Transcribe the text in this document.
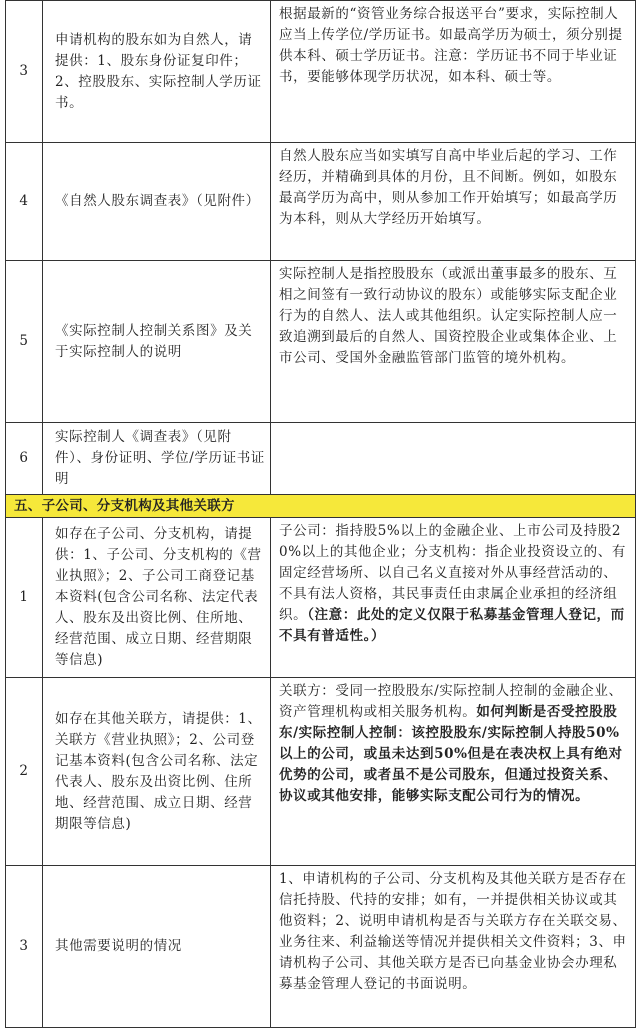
3	申请机构的股东如为自然人，请提供：1、股东身份证复印件；2、控股股东、实际控制人学历证书。	根据最新的“资管业务综合报送平台”要求，实际控制人应当上传学位/学历证书。如最高学历为硕士，须分别提供本科、硕士学历证书。注意：学历证书不同于毕业证书，要能够体现学历状况，如本科、硕士等。
4	《自然人股东调查表》（见附件）	自然人股东应当如实填写自高中毕业后起的学习、工作经历，并精确到具体的月份，且不间断。例如，如股东最高学历为高中，则从参加工作开始填写；如最高学历为本科，则从大学经历开始填写。
5	《实际控制人控制关系图》及关于实际控制人的说明	实际控制人是指控股股东（或派出董事最多的股东、互相之间签有一致行动协议的股东）或能够实际支配企业行为的自然人、法人或其他组织。认定实际控制人应一致追溯到最后的自然人、国资控股企业或集体企业、上市公司、受国外金融监管部门监管的境外机构。
6	实际控制人《调查表》（见附件）、身份证明、学位/学历证书证明	
五、子公司、分支机构及其他关联方		
1	如存在子公司、分支机构，请提供：1、子公司、分支机构的《营业执照》；2、子公司工商登记基本资料(包含公司名称、法定代表人、股东及出资比例、住所地、经营范围、成立日期、经营期限等信息)	子公司：指持股5%以上的金融企业、上市公司及持股20%以上的其他企业；分支机构：指企业投资设立的、有固定经营场所、以自己名义直接对外从事经营活动的、不具有法人资格，其民事责任由隶属企业承担的经济组织。（注意：此处的定义仅限于私募基金管理人登记，而不具有普适性。）
2	如存在其他关联方，请提供：1、关联方《营业执照》；2、公司登记基本资料(包含公司名称、法定代表人、股东及出资比例、住所地、经营范围、成立日期、经营期限等信息)	关联方：受同一控股股东/实际控制人控制的金融企业、资产管理机构或相关服务机构。如何判断是否受控股股东/实际控制人控制：该控股股东/实际控制人持股50%以上的公司，或虽未达到50%但是在表决权上具有绝对优势的公司，或者虽不是公司股东，但通过投资关系、协议或其他安排，能够实际支配公司行为的情况。
3	其他需要说明的情况	1、申请机构的子公司、分支机构及其他关联方是否存在信托持股、代持的安排；如有，一并提供相关协议或其他资料；2、说明申请机构是否与关联方存在关联交易、业务往来、利益输送等情况并提供相关文件资料；3、申请机构子公司、其他关联方是否已向基金业协会办理私募基金管理人登记的书面说明。
